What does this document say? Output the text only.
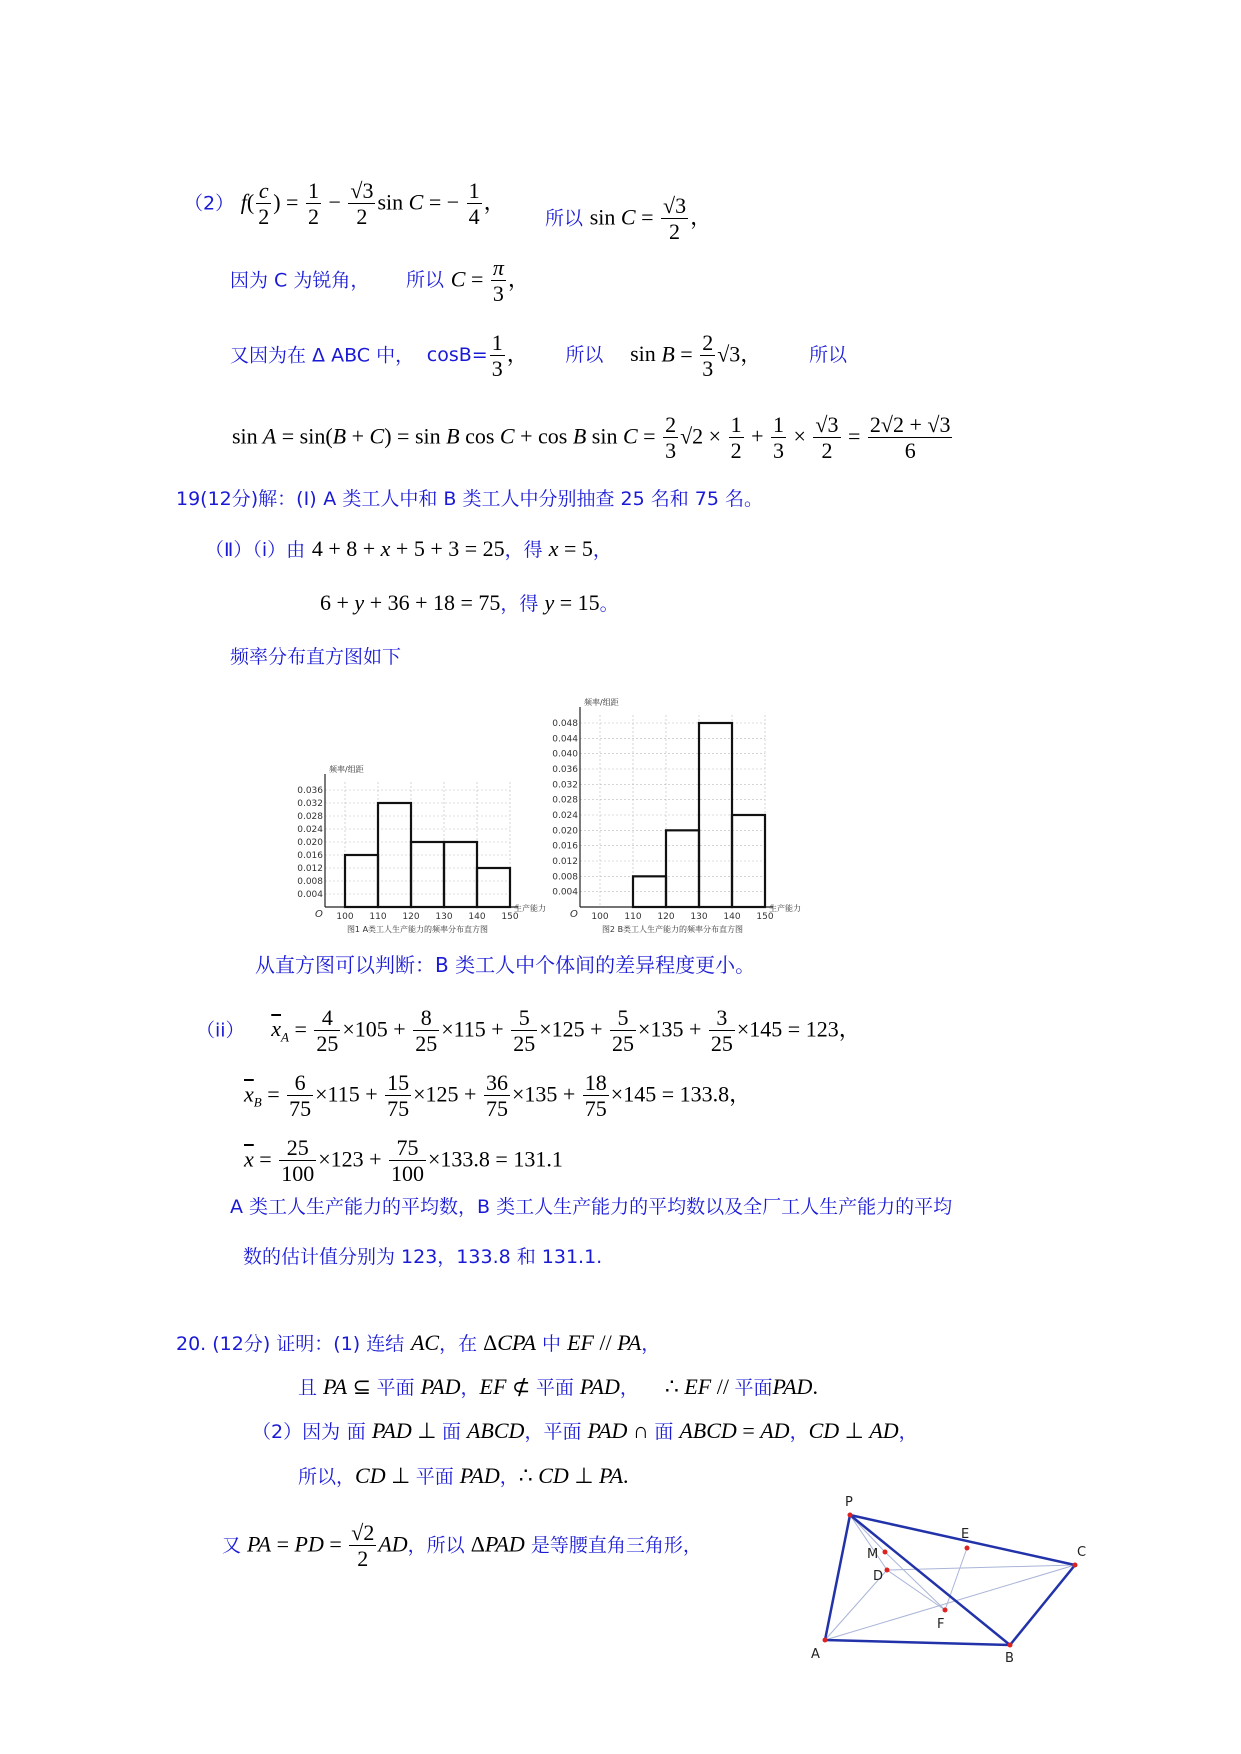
（2） $f( \frac{c}{2}$ ) = $\frac{1}{2} - \frac{√3}{2}$ sin C = − $\frac{1}{4}$ ，
所以 $\sin C = \frac{√3}{2}$ ，
因为 C 为锐角， 所以 $C = \frac{\pi}{3}$ ，
又因为在 Δ ABC 中， $\cos B= \frac{1}{3}$ ， 所以 $\sin B = \frac{2}{3} √3$， 所以
sin A = sin(B + C) = sin B cos C + cos B $\sin C = \frac{2}{3} √2 \times \frac{1}{2} + \frac{1}{3} \times \frac{√3}{2} = \frac{2√2 + √3}{6}$
19(12分)解：(Ⅰ) A 类工人中和 B 类工人中分别抽查 25 名和 75 名。
（Ⅱ）（ⅰ）由 4 + 8 + x + 5 + 3 = 25，得 x = 5，
6 + y + 36 + 18 = 75，得 y = 15。
频率分布直方图如下
0.004
0.008
0.012
0.016
0.020
0.024
0.028
0.032
0.036
100 110 120 130 140 150
频率/组距
生产能力
O
图1 A类工人生产能力的频率分布直方图
0.004
0.008
0.012
0.016
0.020
0.024
0.028
0.032
0.036
0.040
0.044
0.048
100 110 120 130 140 150
频率/组距
生产能力
O
图2 B类工人生产能力的频率分布直方图
从直方图可以判断：B 类工人中个体间的差异程度更小。
（ii） $\overline{x}_A = \frac{4}{25} \times 105 + \frac{8}{25} \times 115 + \frac{5}{25} \times 125 + \frac{5}{25} \times 135 + \frac{3}{25} \times 145 = 123$，
$\overline{x}_B = \frac{6}{75} \times 115 + \frac{15}{75} \times 125 + \frac{36}{75} \times 135 + \frac{18}{75} \times 145 = 133.8$，
$\overline{x} = \frac{25}{100} \times 123 + \frac{75}{100} \times 133.8 = 131.1$
A 类工人生产能力的平均数，B 类工人生产能力的平均数以及全厂工人生产能力的平均
数的估计值分别为 123，133.8 和 131.1.
20. (12分) 证明：(1) 连结 AC，在 ΔCPA 中 EF // PA，
且 PA ⊆ 平面 PAD，EF ⊄ 平面 PAD， ∴ EF // 平面PAD.
（2）因为 面 PAD ⊥ 面 ABCD，平面 PAD ∩ 面 ABCD = AD，CD ⊥ AD，
所以，CD ⊥ 平面 PAD，∴ CD ⊥ PA.
又 PA = PD = $\frac{√2}{2}$ AD，所以 ΔPAD 是等腰直角三角形，
P
E
C
M
D
F
A	B
